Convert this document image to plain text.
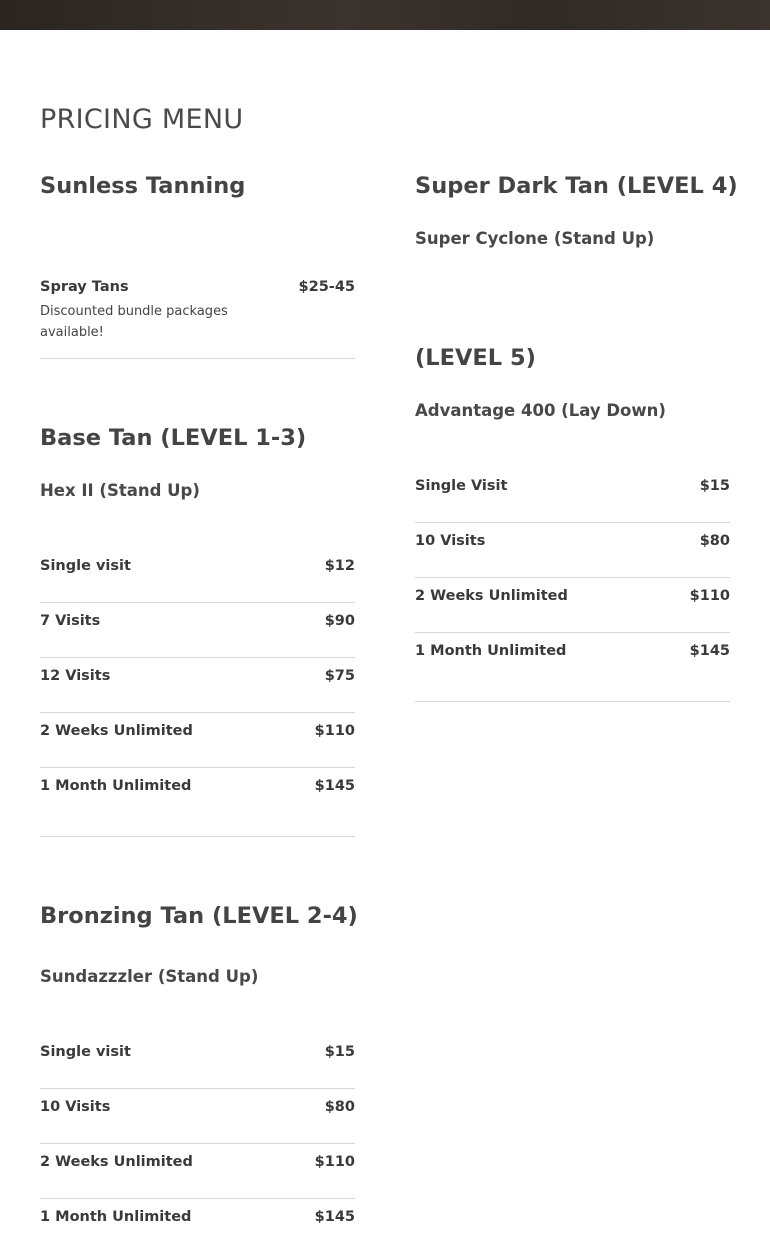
PRICING MENU
Sunless Tanning
Spray Tans	$25-45
Discounted bundle packages available!
Base Tan (LEVEL 1-3)
Hex II (Stand Up)
Single visit	$12
7 Visits	$90
12 Visits	$75
2 Weeks Unlimited	$110
1 Month Unlimited	$145
Bronzing Tan (LEVEL 2-4)
Sundazzzler (Stand Up)
Single visit	$15
10 Visits	$80
2 Weeks Unlimited	$110
1 Month Unlimited	$145
Super Dark Tan (LEVEL 4)
Super Cyclone (Stand Up)
(LEVEL 5)
Advantage 400 (Lay Down)
Single Visit	$15
10 Visits	$80
2 Weeks Unlimited	$110
1 Month Unlimited	$145
